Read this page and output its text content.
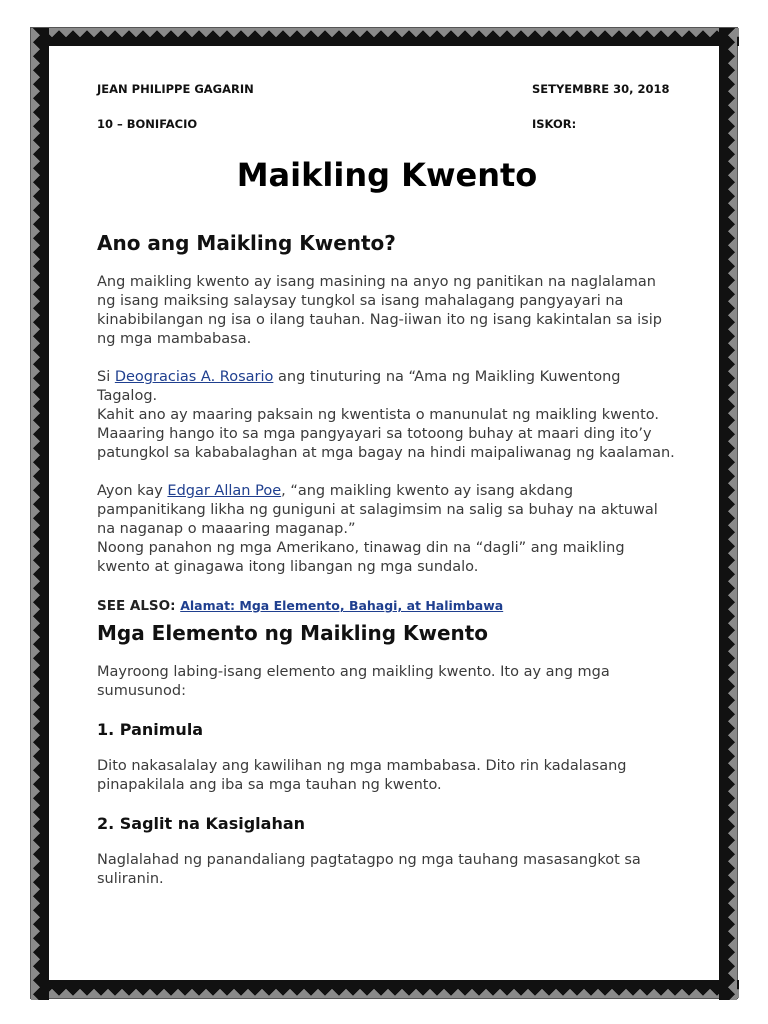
JEAN PHILIPPE GAGARIN	SETYEMBRE 30, 2018
10 – BONIFACIO	ISKOR:
Maikling Kwento
Ano ang Maikling Kwento?

Ang maikling kwento ay isang masining na anyo ng panitikan na naglalaman ng isang maiksing salaysay tungkol sa isang mahalagang pangyayari na kinabibilangan ng isa o ilang tauhan. Nag-iiwan ito ng isang kakintalan sa isip ng mga mambabasa.

Si Deogracias A. Rosario ang tinuturing na “Ama ng Maikling Kuwentong Tagalog.
Kahit ano ay maaring paksain ng kwentista o manunulat ng maikling kwento. Maaaring hango ito sa mga pangyayari sa totoong buhay at maari ding ito’y patungkol sa kababalaghan at mga bagay na hindi maipaliwanag ng kaalaman.

Ayon kay Edgar Allan Poe, “ang maikling kwento ay isang akdang pampanitikang likha ng guniguni at salagimsim na salig sa buhay na aktuwal na naganap o maaaring maganap.”
Noong panahon ng mga Amerikano, tinawag din na “dagli” ang maikling kwento at ginagawa itong libangan ng mga sundalo.

SEE ALSO: Alamat: Mga Elemento, Bahagi, at Halimbawa
Mga Elemento ng Maikling Kwento

Mayroong labing-isang elemento ang maikling kwento. Ito ay ang mga sumusunod:

1. Panimula

Dito nakasalalay ang kawilihan ng mga mambabasa. Dito rin kadalasang pinapakilala ang iba sa mga tauhan ng kwento.

2. Saglit na Kasiglahan

Naglalahad ng panandaliang pagtatagpo ng mga tauhang masasangkot sa suliranin.
